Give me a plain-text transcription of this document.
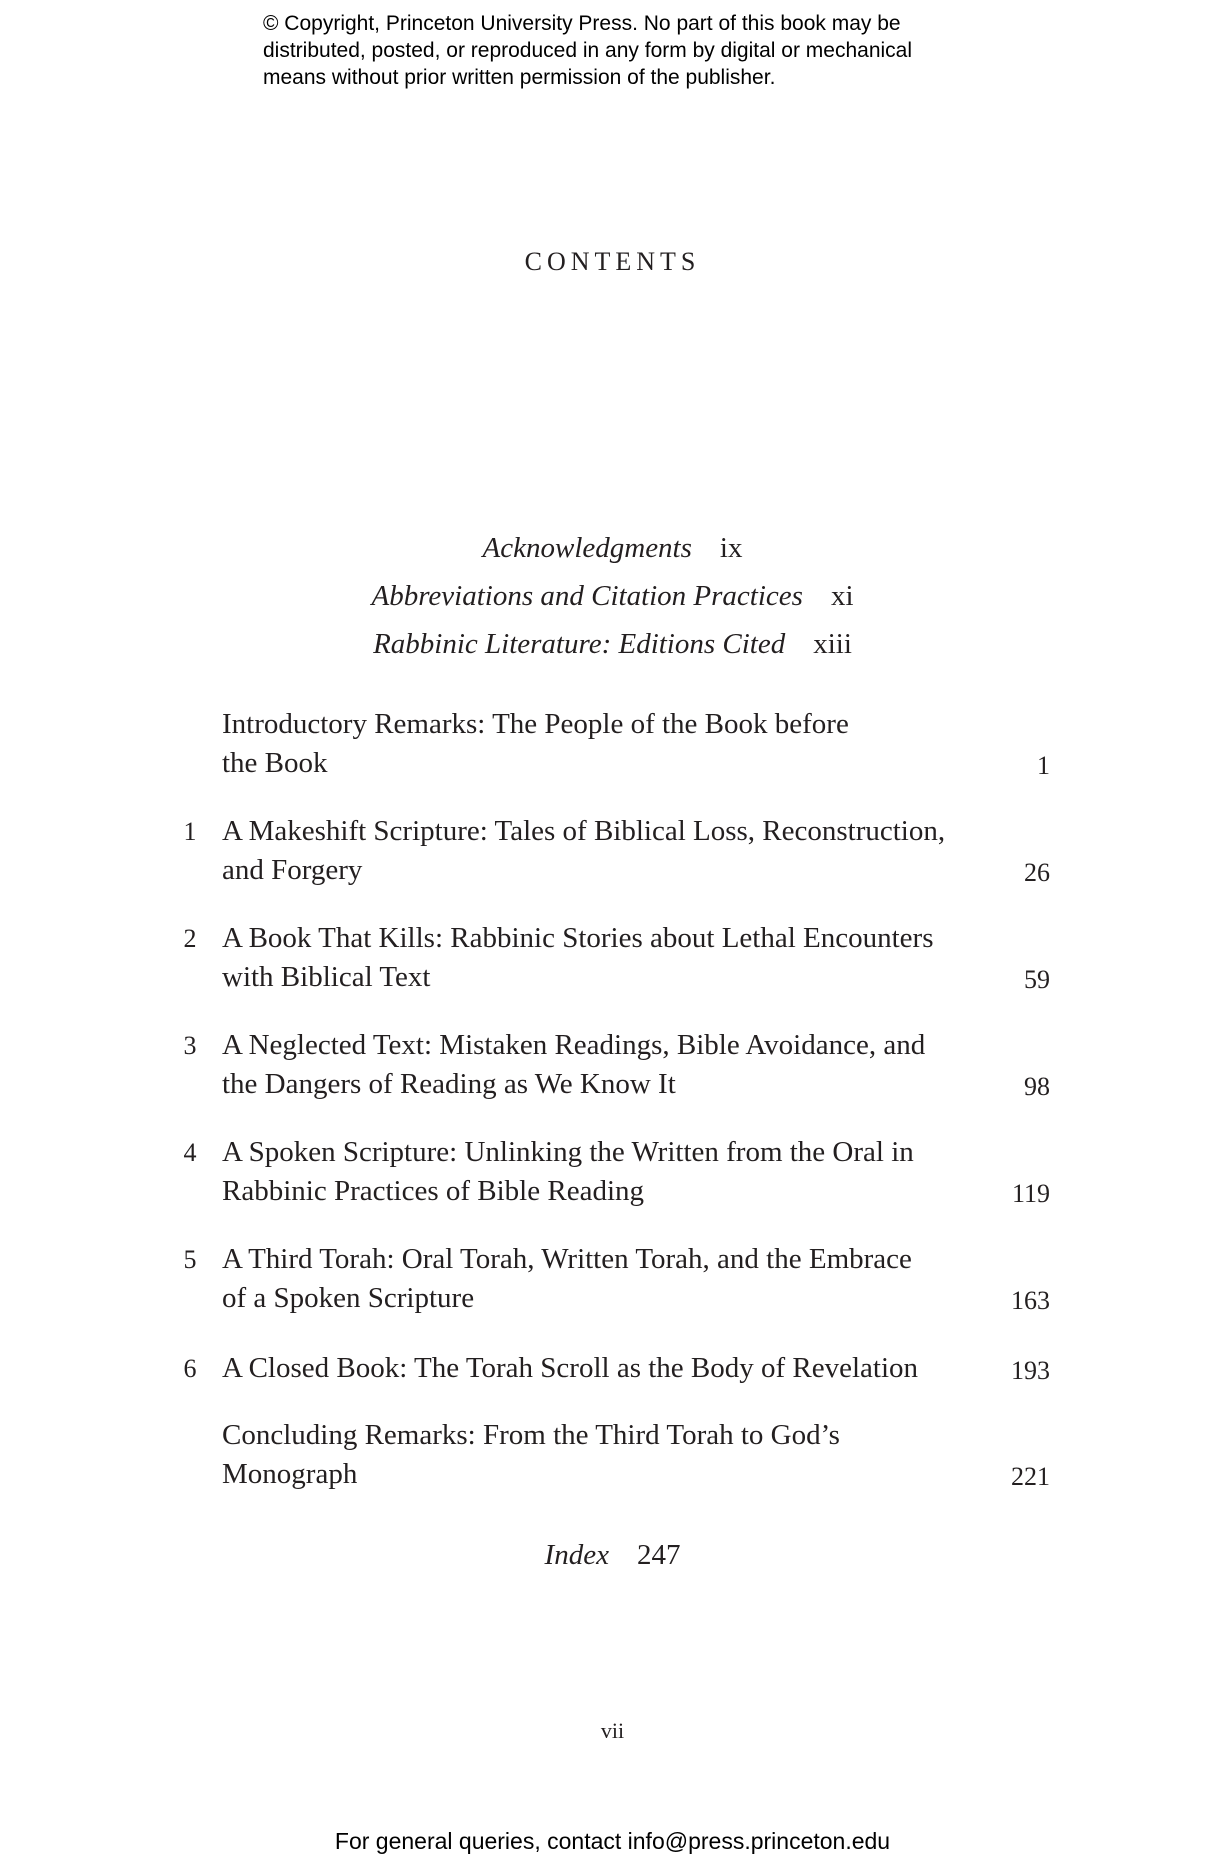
© Copyright, Princeton University Press. No part of this book may be
distributed, posted, or reproduced in any form by digital or mechanical
means without prior written permission of the publisher.
CONTENTS
Acknowledgments ix
Abbreviations and Citation Practices xi
Rabbinic Literature: Editions Cited xiii
Introductory Remarks: The People of the Book before
the Book	1
1 A Makeshift Scripture: Tales of Biblical Loss, Reconstruction,
and Forgery	26
2 A Book That Kills: Rabbinic Stories about Lethal Encounters
with Biblical Text	59
3 A Neglected Text: Mistaken Readings, Bible Avoidance, and
the Dangers of Reading as We Know It	98
4 A Spoken Scripture: Unlinking the Written from the Oral in
Rabbinic Practices of Bible Reading	119
5 A Third Torah: Oral Torah, Written Torah, and the Embrace
of a Spoken Scripture	163
6 A Closed Book: The Torah Scroll as the Body of Revelation	193
Concluding Remarks: From the Third Torah to God’s
Monograph	221
Index 247
vii
For general queries, contact info@press.princeton.edu
